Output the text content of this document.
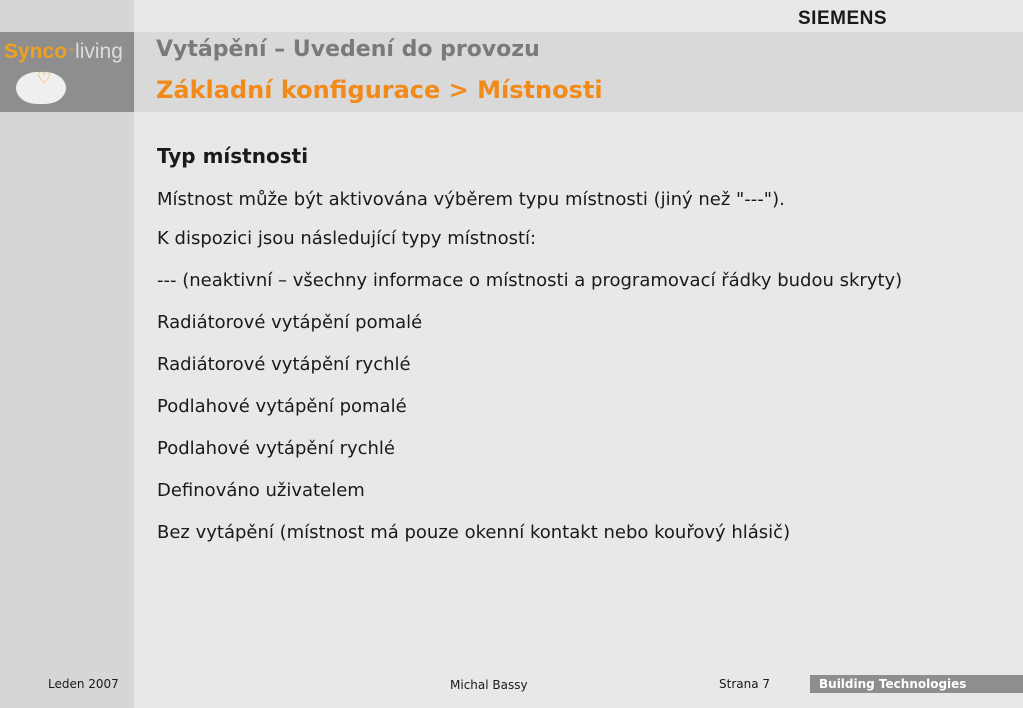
Synco™living
♡
SIEMENS
Vytápění – Uvedení do provozu
Základní konfigurace > Místnosti
Typ místnosti
Místnost může být aktivována výběrem typu místnosti (jiný než "---").
K dispozici jsou následující typy místností:
--- (neaktivní – všechny informace o místnosti a programovací řádky budou skryty)
Radiátorové vytápění pomalé
Radiátorové vytápění rychlé
Podlahové vytápění pomalé
Podlahové vytápění rychlé
Definováno uživatelem
Bez vytápění (místnost má pouze okenní kontakt nebo kouřový hlásič)
Leden 2007	Michal Bassy	Strana 7	Building Technologies
